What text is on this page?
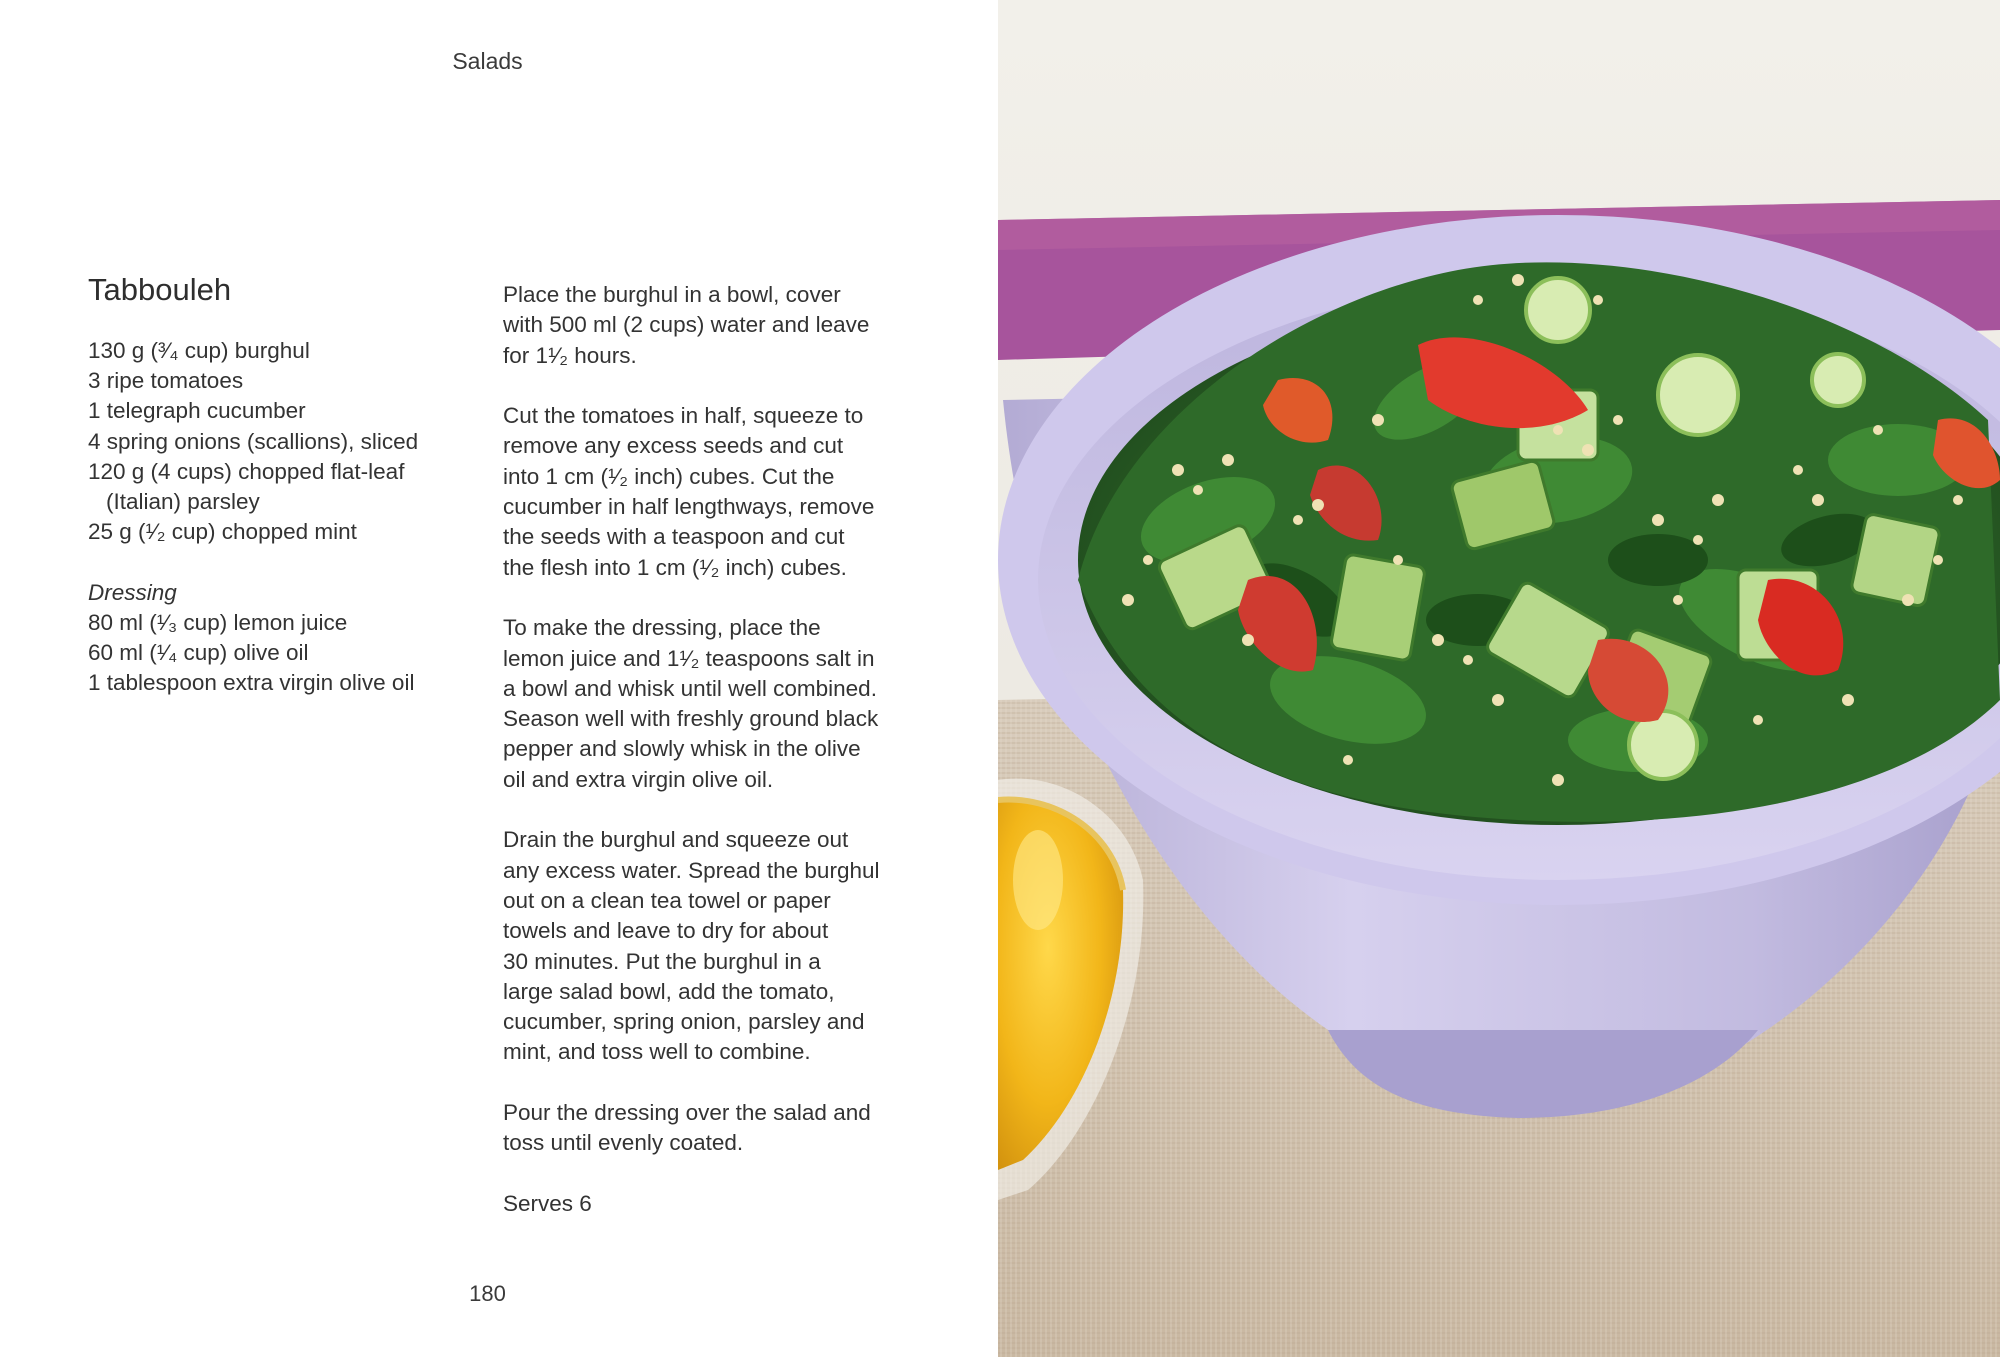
Salads
Tabbouleh
130 g (³⁄₄ cup) burghul
3 ripe tomatoes
1 telegraph cucumber
4 spring onions (scallions), sliced
120 g (4 cups) chopped flat-leaf
(Italian) parsley
25 g (¹⁄₂ cup) chopped mint
Dressing
80 ml (¹⁄₃ cup) lemon juice
60 ml (¹⁄₄ cup) olive oil
1 tablespoon extra virgin olive oil

Place the burghul in a bowl, cover
with 500 ml (2 cups) water and leave
for 1¹⁄₂ hours.

Cut the tomatoes in half, squeeze to
remove any excess seeds and cut
into 1 cm (¹⁄₂ inch) cubes. Cut the
cucumber in half lengthways, remove
the seeds with a teaspoon and cut
the flesh into 1 cm (¹⁄₂ inch) cubes.

To make the dressing, place the
lemon juice and 1¹⁄₂ teaspoons salt in
a bowl and whisk until well combined.
Season well with freshly ground black
pepper and slowly whisk in the olive
oil and extra virgin olive oil.

Drain the burghul and squeeze out
any excess water. Spread the burghul
out on a clean tea towel or paper
towels and leave to dry for about
30 minutes. Put the burghul in a
large salad bowl, add the tomato,
cucumber, spring onion, parsley and
mint, and toss well to combine.

Pour the dressing over the salad and
toss until evenly coated.

Serves 6

180
